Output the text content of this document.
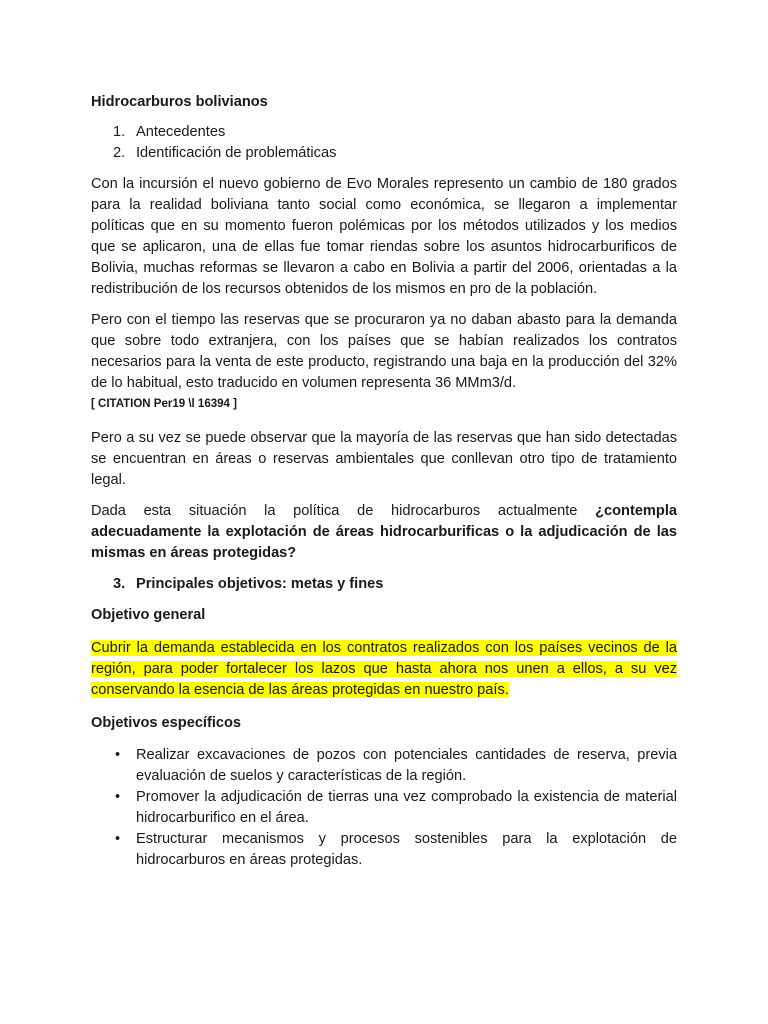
Hidrocarburos bolivianos
1. Antecedentes
2. Identificación de problemáticas

Con la incursión el nuevo gobierno de Evo Morales represento un cambio de 180 grados para la realidad boliviana tanto social como económica, se llegaron a implementar políticas que en su momento fueron polémicas por los métodos utilizados y los medios que se aplicaron, una de ellas fue tomar riendas sobre los asuntos hidrocarburificos de Bolivia, muchas reformas se llevaron a cabo en Bolivia a partir del 2006, orientadas a la redistribución de los recursos obtenidos de los mismos en pro de la población.

Pero con el tiempo las reservas que se procuraron ya no daban abasto para la demanda que sobre todo extranjera, con los países que se habían realizados los contratos necesarios para la venta de este producto, registrando una baja en la producción del 32% de lo habitual, esto traducido en volumen representa 36 MMm3/d.
[ CITATION Per19 \l 16394 ]

Pero a su vez se puede observar que la mayoría de las reservas que han sido detectadas se encuentran en áreas o reservas ambientales que conllevan otro tipo de tratamiento legal.

Dada esta situación la política de hidrocarburos actualmente ¿contempla adecuadamente la explotación de áreas hidrocarburificas o la adjudicación de las mismas en áreas protegidas?

3. Principales objetivos: metas y fines
Objetivo general

Cubrir la demanda establecida en los contratos realizados con los países vecinos de la región, para poder fortalecer los lazos que hasta ahora nos unen a ellos, a su vez conservando la esencia de las áreas protegidas en nuestro país.

Objetivos específicos
• Realizar excavaciones de pozos con potenciales cantidades de reserva, previa evaluación de suelos y características de la región.
• Promover la adjudicación de tierras una vez comprobado la existencia de material hidrocarburifico en el área.
• Estructurar mecanismos y procesos sostenibles para la explotación de hidrocarburos en áreas protegidas.
